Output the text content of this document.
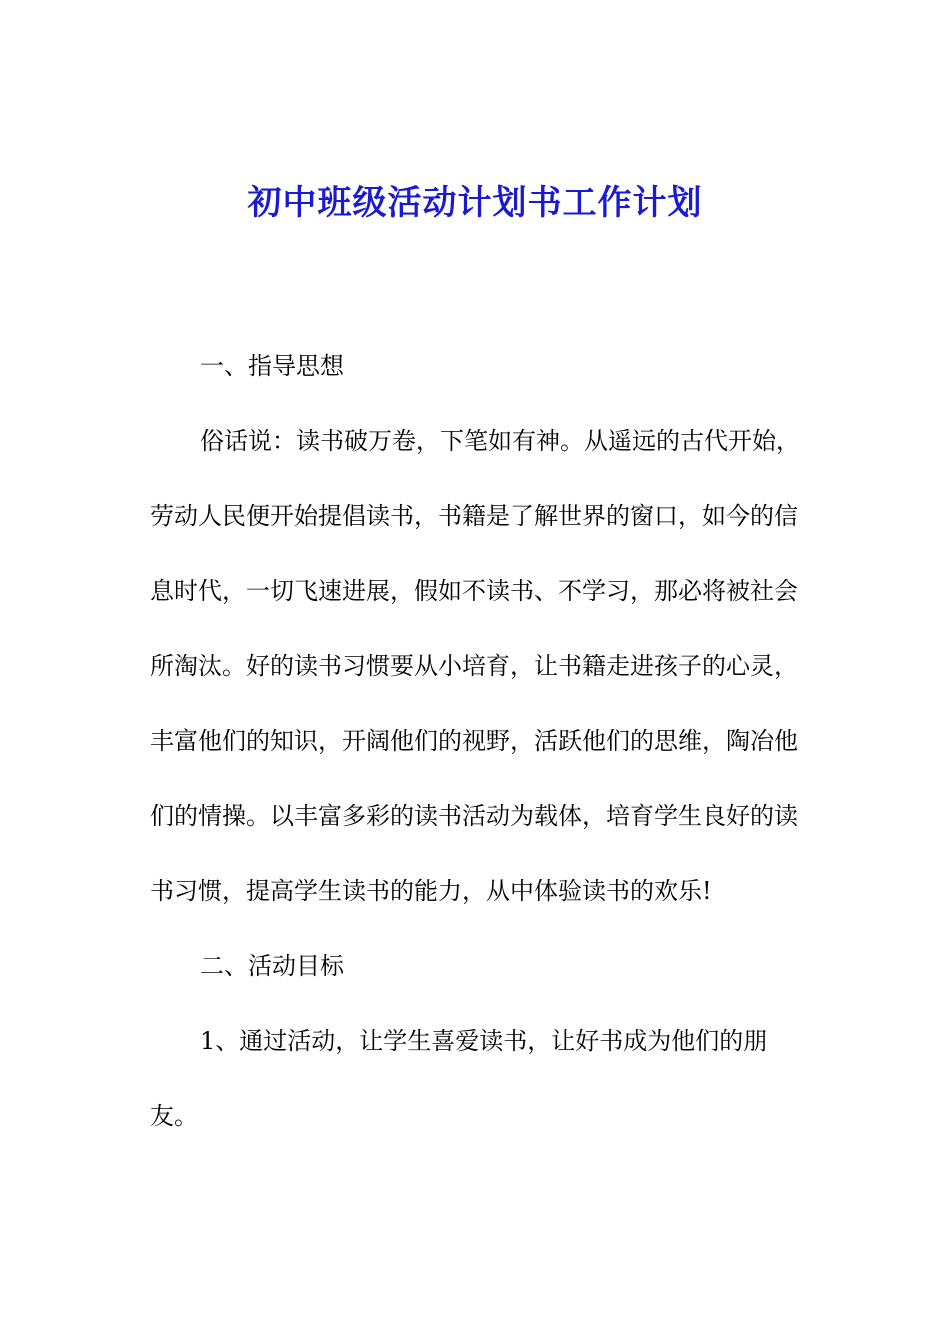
初中班级活动计划书工作计划

一、指导思想

俗话说：读书破万卷，下笔如有神。从遥远的古代开始，劳动人民便开始提倡读书，书籍是了解世界的窗口，如今的信息时代，一切飞速进展，假如不读书、不学习，那必将被社会所淘汰。好的读书习惯要从小培育，让书籍走进孩子的心灵，丰富他们的知识，开阔他们的视野，活跃他们的思维，陶冶他们的情操。以丰富多彩的读书活动为载体，培育学生良好的读书习惯，提高学生读书的能力，从中体验读书的欢乐!

二、活动目标

1、通过活动，让学生喜爱读书，让好书成为他们的朋友。
